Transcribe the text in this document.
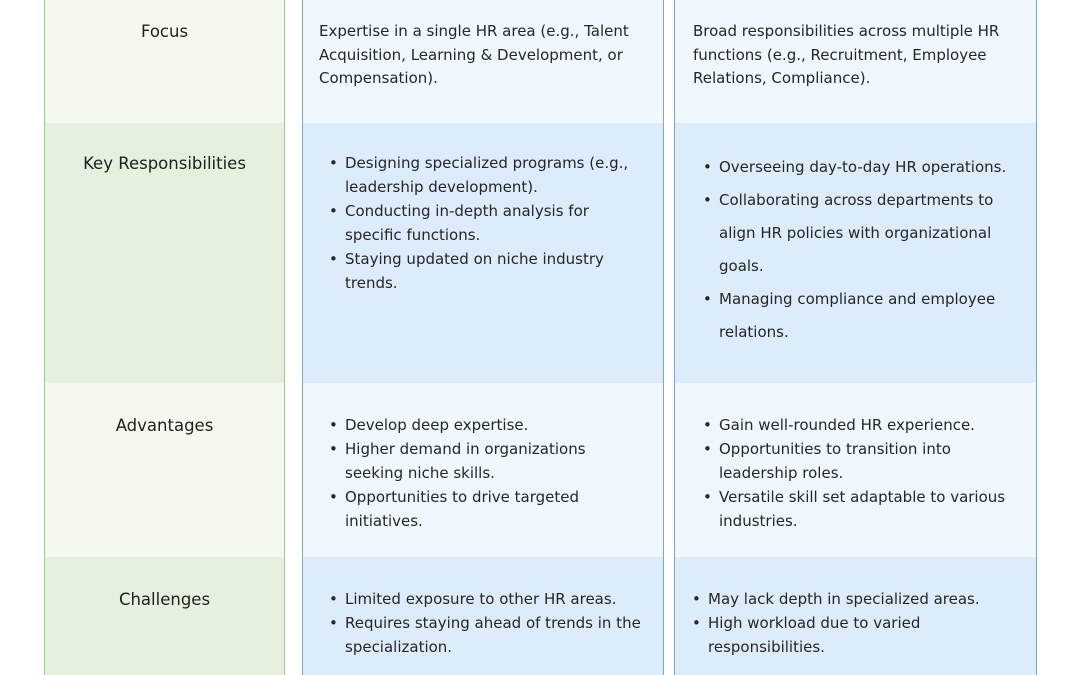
Focus
Key Responsibilities
Advantages
Challenges

Expertise in a single HR area (e.g., Talent Acquisition, Learning & Development, or Compensation).

• Designing specialized programs (e.g., leadership development).
• Conducting in-depth analysis for specific functions.
• Staying updated on niche industry trends.
• Develop deep expertise.
• Higher demand in organizations seeking niche skills.
• Opportunities to drive targeted initiatives.
• Limited exposure to other HR areas.
• Requires staying ahead of trends in the specialization.

Broad responsibilities across multiple HR functions (e.g., Recruitment, Employee Relations, Compliance).

• Overseeing day-to-day HR operations.
• Collaborating across departments to align HR policies with organizational goals.
• Managing compliance and employee relations.
• Gain well-rounded HR experience.
• Opportunities to transition into leadership roles.
• Versatile skill set adaptable to various industries.
• May lack depth in specialized areas.
• High workload due to varied responsibilities.
